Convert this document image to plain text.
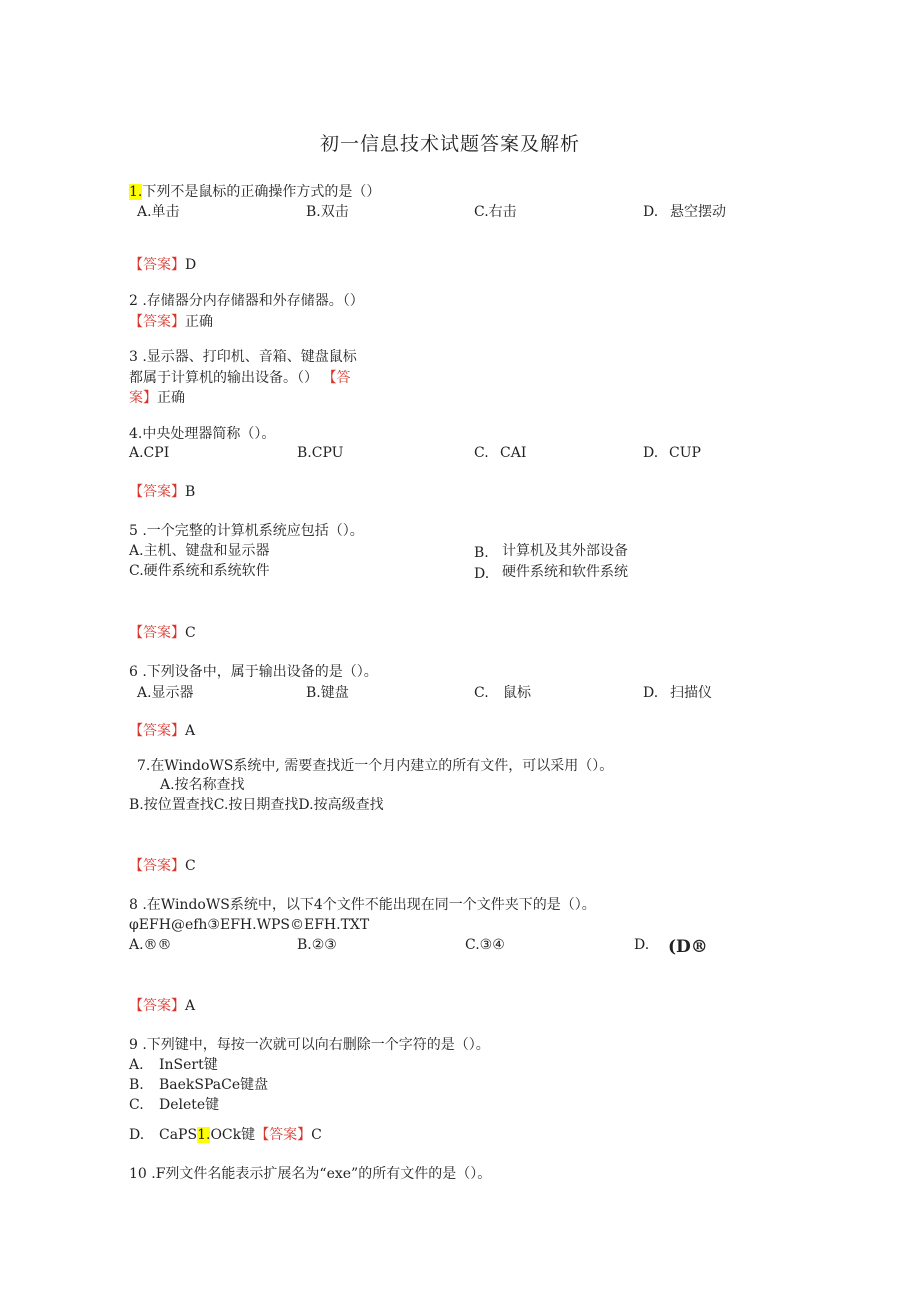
初一信息技术试题答案及解析
1.下列不是鼠标的正确操作方式的是（）
A.单击	B.双击	C.右击	D. 悬空摆动
【答案】D
2 .存储器分内存储器和外存储器。（）
【答案】正确
3 .显示器、打印机、音箱、键盘鼠标
都属于计算机的输出设备。（） 【答
案】正确
4.中央处理器简称（）。
A.CPI	B.CPU	C. CAI	D. CUP
【答案】B
5 .一个完整的计算机系统应包括（）。
A.主机、键盘和显示器	B. 计算机及其外部设备
C.硬件系统和系统软件	D. 硬件系统和软件系统
【答案】C
6 .下列设备中，属于输出设备的是（）。
A.显示器	B.键盘	C. 鼠标	D. 扫描仪
【答案】A
7.在WindoWS系统中, 需要查找近一个月内建立的所有文件，可以采用（）。
A.按名称查找
B.按位置查找C.按日期查找D.按高级查找
【答案】C
8 .在WindoWS系统中，以下4个文件不能出现在同一个文件夹下的是（）。
φEFH@efh③EFH.WPS©EFH.TXT
A.®®	B.②③	C.③④	D. (D®
【答案】A
9 .下列键中，每按一次就可以向右删除一个字符的是（）。
A. InSert键
B. BaekSPaCe键盘
C. Delete键
D. CaPS1.OCk键【答案】C
10 .F列文件名能表示扩展名为“exe”的所有文件的是（）。
